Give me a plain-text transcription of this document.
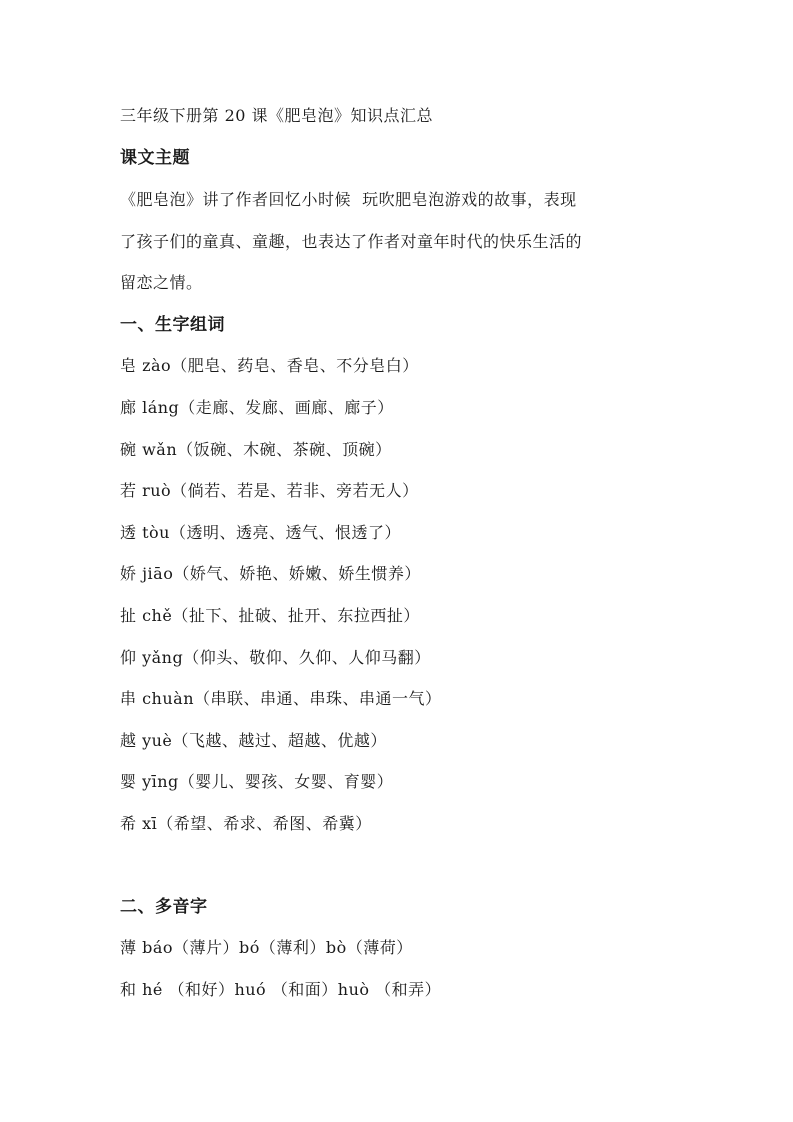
三年级下册第 20 课《肥皂泡》知识点汇总
课文主题
《肥皂泡》讲了作者回忆小时候  玩吹肥皂泡游戏的故事，表现
了孩子们的童真、童趣，也表达了作者对童年时代的快乐生活的
留恋之情。
一、生字组词
皂 zào（肥皂、药皂、香皂、不分皂白）
廊 láng（走廊、发廊、画廊、廊子）
碗 wǎn（饭碗、木碗、茶碗、顶碗）
若 ruò（倘若、若是、若非、旁若无人）
透 tòu（透明、透亮、透气、恨透了）
娇 jiāo（娇气、娇艳、娇嫩、娇生惯养）
扯 chě（扯下、扯破、扯开、东拉西扯）
仰 yǎng（仰头、敬仰、久仰、人仰马翻）
串 chuàn（串联、串通、串珠、串通一气）
越 yuè（飞越、越过、超越、优越）
婴 yīng（婴儿、婴孩、女婴、育婴）
希 xī（希望、希求、希图、希冀）
二、多音字
薄 báo（薄片）bó（薄利）bò（薄荷）
和 hé （和好）huó （和面）huò （和弄）
